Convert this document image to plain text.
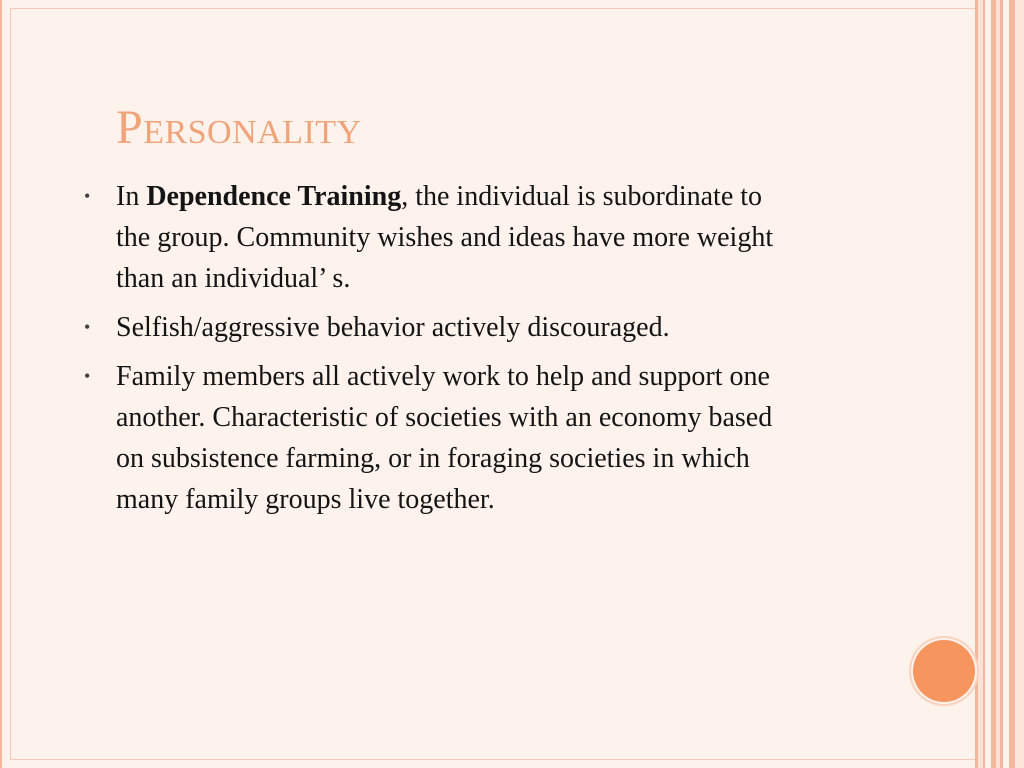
Personality
• In Dependence Training, the individual is subordinate to the group. Community wishes and ideas have more weight than an individual’ s.
• Selfish/aggressive behavior actively discouraged.
• Family members all actively work to help and support one another. Characteristic of societies with an economy based on subsistence farming, or in foraging societies in which many family groups live together.
